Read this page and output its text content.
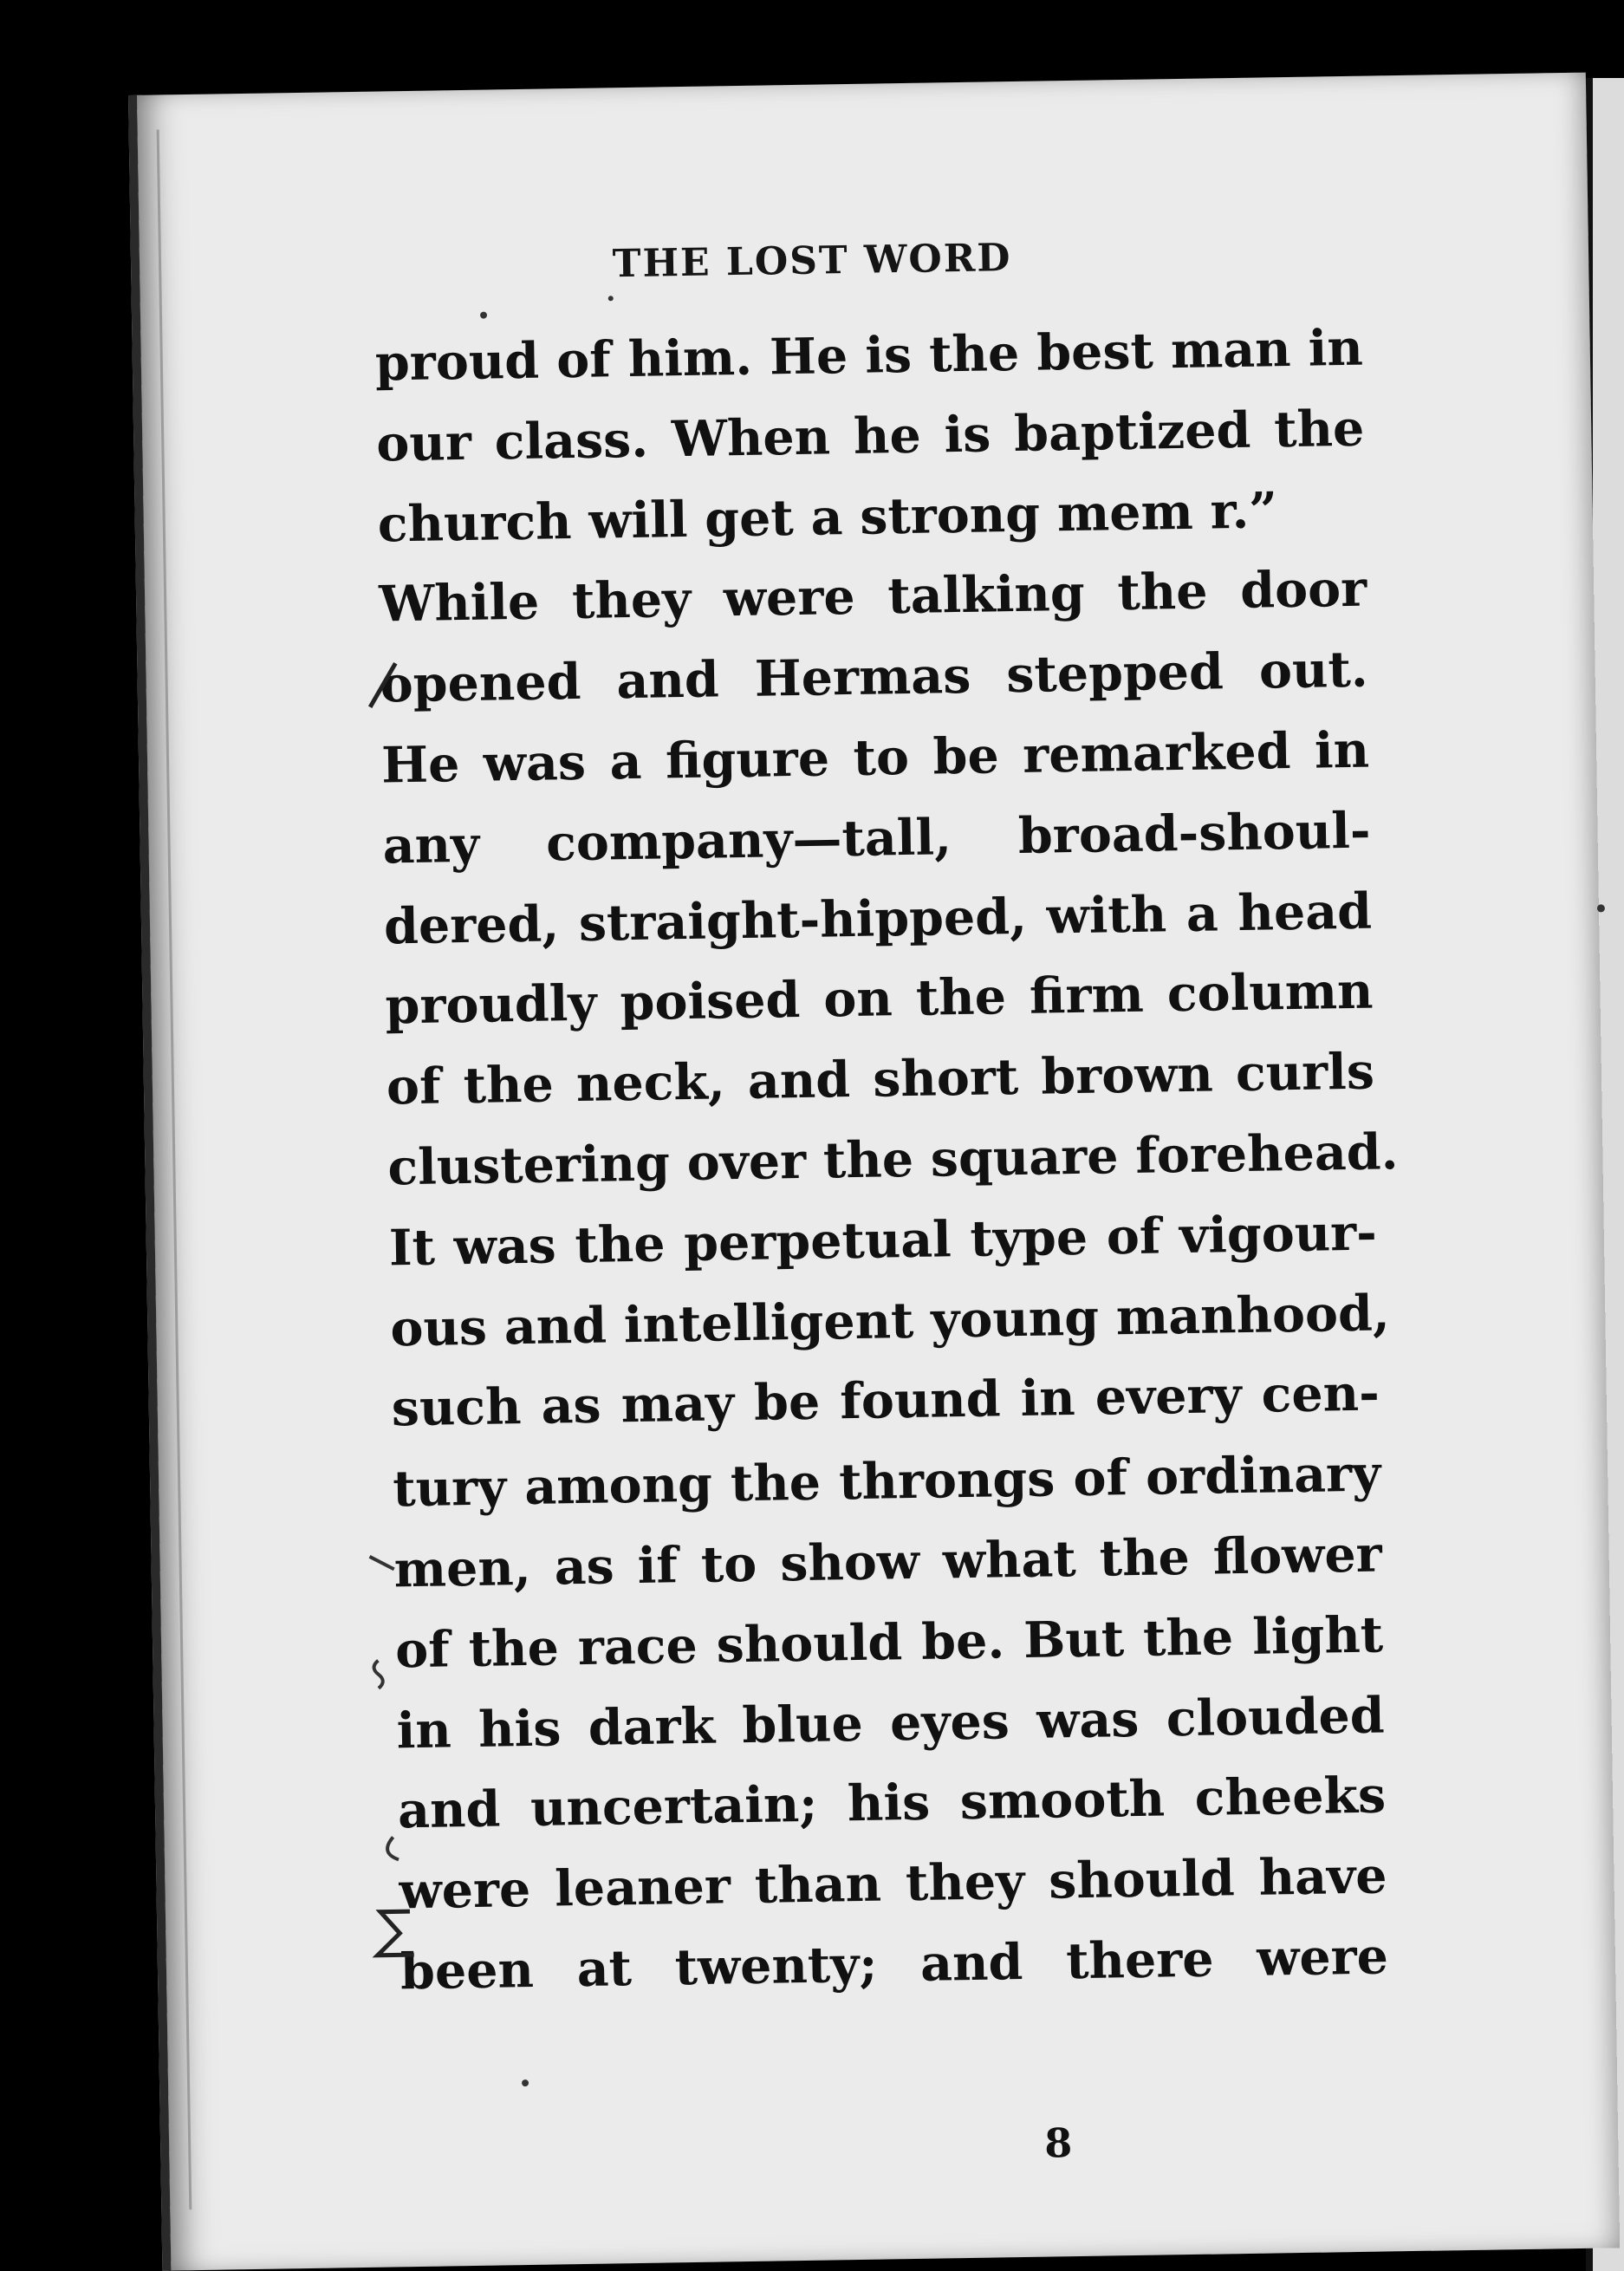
THE LOST WORD
proud of him. He is the best man in
our class. When he is baptized the
church will get a strong mem r.”
While they were talking the door
opened and Hermas stepped out.
He was a figure to be remarked in
any company—tall, broad-shoul-
dered, straight-hipped, with a head
proudly poised on the firm column
of the neck, and short brown curls
clustering over the square forehead.
It was the perpetual type of vigour-
ous and intelligent young manhood,
such as may be found in every cen-
tury among the throngs of ordinary
men, as if to show what the flower
of the race should be. But the light
in his dark blue eyes was clouded
and uncertain; his smooth cheeks
were leaner than they should have
been at twenty; and there were
8
